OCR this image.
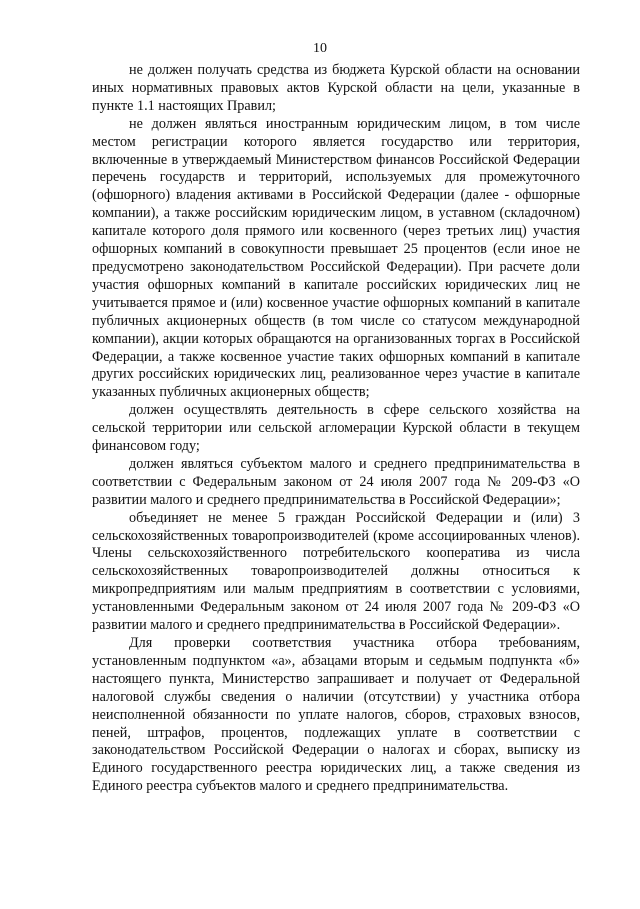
10

не должен получать средства из бюджета Курской области на основании иных нормативных правовых актов Курской области на цели, указанные в пункте 1.1 настоящих Правил;

не должен являться иностранным юридическим лицом, в том числе местом регистрации которого является государство или территория, включенные в утверждаемый Министерством финансов Российской Федерации перечень государств и территорий, используемых для промежуточного (офшорного) владения активами в Российской Федерации (далее - офшорные компании), а также российским юридическим лицом, в уставном (складочном) капитале которого доля прямого или косвенного (через третьих лиц) участия офшорных компаний в совокупности превышает 25 процентов (если иное не предусмотрено законодательством Российской Федерации). При расчете доли участия офшорных компаний в капитале российских юридических лиц не учитывается прямое и (или) косвенное участие офшорных компаний в капитале публичных акционерных обществ (в том числе со статусом международной компании), акции которых обращаются на организованных торгах в Российской Федерации, а также косвенное участие таких офшорных компаний в капитале других российских юридических лиц, реализованное через участие в капитале указанных публичных акционерных обществ;

должен осуществлять деятельность в сфере сельского хозяйства на сельской территории или сельской агломерации Курской области в текущем финансовом году;

должен являться субъектом малого и среднего предпринимательства в соответствии с Федеральным законом от 24 июля 2007 года № 209-ФЗ «О развитии малого и среднего предпринимательства в Российской Федерации»;

объединяет не менее 5 граждан Российской Федерации и (или) 3 сельскохозяйственных товаропроизводителей (кроме ассоциированных членов). Члены сельскохозяйственного потребительского кооператива из числа сельскохозяйственных товаропроизводителей должны относиться к микропредприятиям или малым предприятиям в соответствии с условиями, установленными Федеральным законом от 24 июля 2007 года № 209-ФЗ «О развитии малого и среднего предпринимательства в Российской Федерации».

Для проверки соответствия участника отбора требованиям, установленным подпунктом «а», абзацами вторым и седьмым подпункта «б» настоящего пункта, Министерство запрашивает и получает от Федеральной налоговой службы сведения о наличии (отсутствии) у участника отбора неисполненной обязанности по уплате налогов, сборов, страховых взносов, пеней, штрафов, процентов, подлежащих уплате в соответствии с законодательством Российской Федерации о налогах и сборах, выписку из Единого государственного реестра юридических лиц, а также сведения из Единого реестра субъектов малого и среднего предпринимательства.
